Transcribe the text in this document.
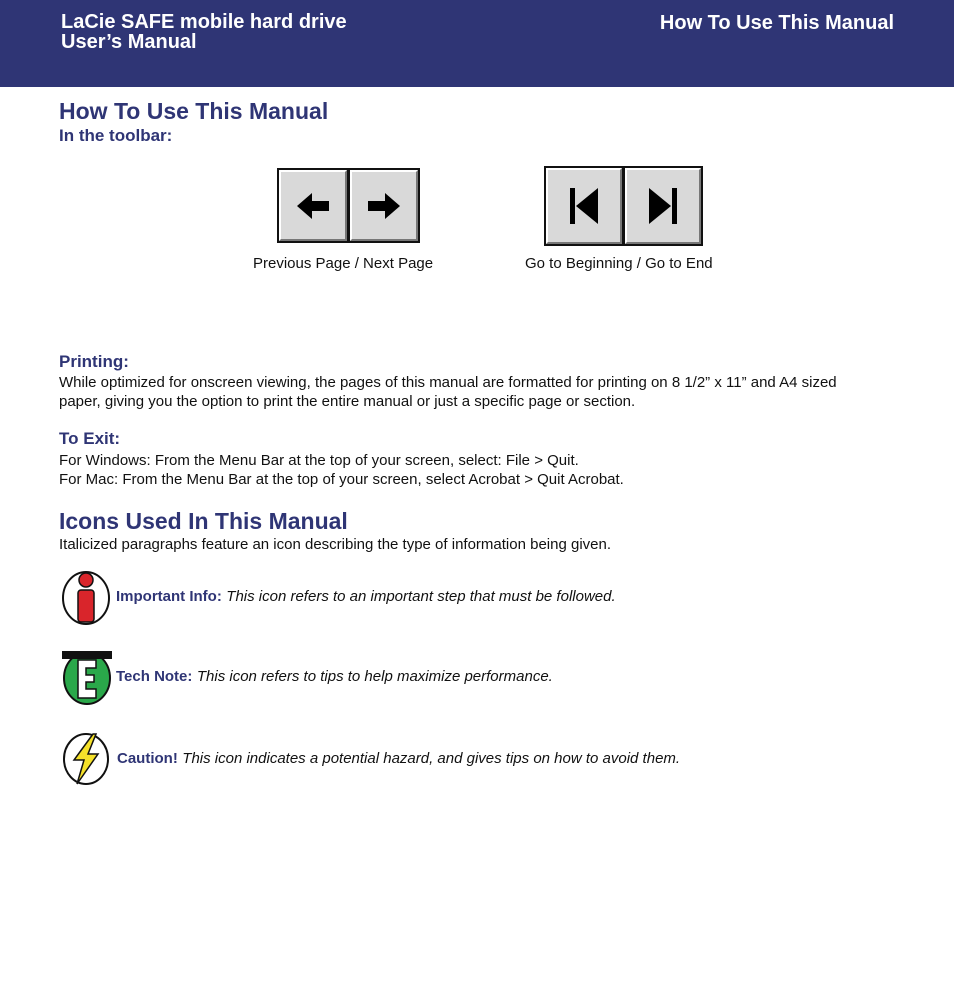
LaCie SAFE mobile hard drive
User’s Manual
How To Use This Manual
How To Use This Manual
In the toolbar:
Previous Page / Next Page	Go to Beginning / Go to End
Printing:
While optimized for onscreen viewing, the pages of this manual are formatted for printing on 8 1/2” x 11” and A4 sized
paper, giving you the option to print the entire manual or just a specific page or section.
To Exit:
For Windows: From the Menu Bar at the top of your screen, select: File > Quit.
For Mac: From the Menu Bar at the top of your screen, select Acrobat > Quit Acrobat.
Icons Used In This Manual
Italicized paragraphs feature an icon describing the type of information being given.
Important Info: This icon refers to an important step that must be followed.
Tech Note: This icon refers to tips to help maximize performance.
Caution! This icon indicates a potential hazard, and gives tips on how to avoid them.
